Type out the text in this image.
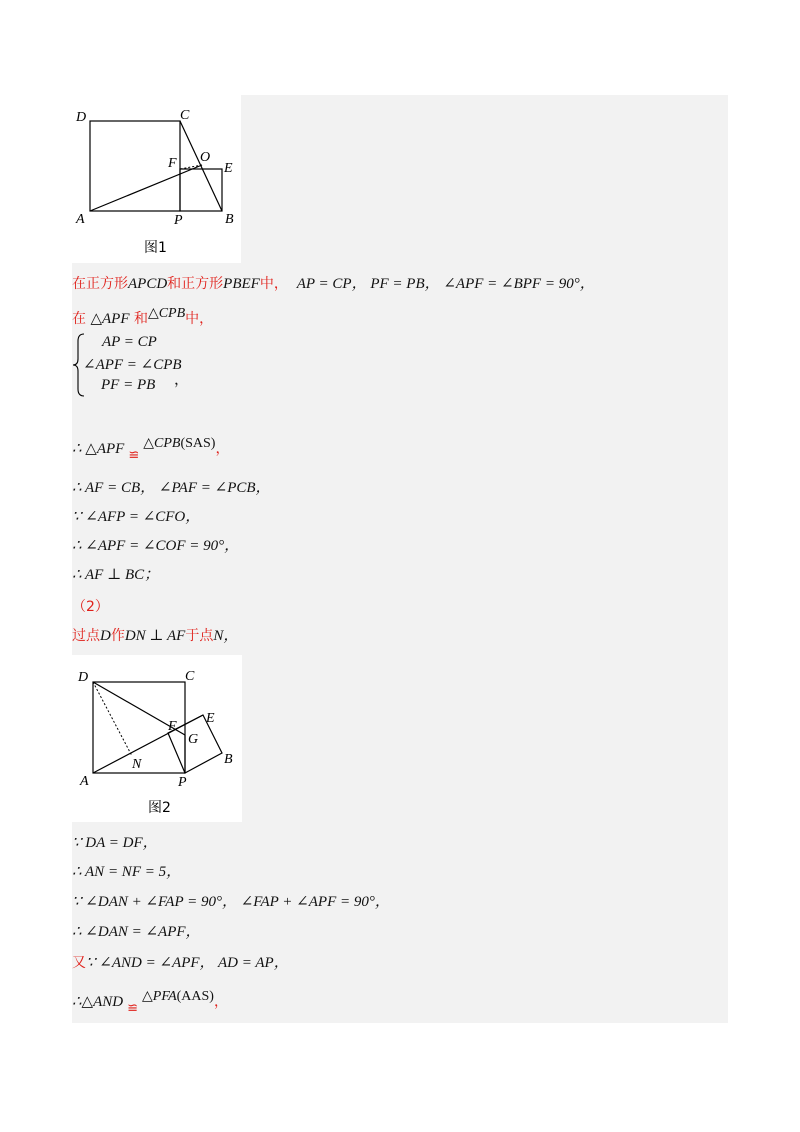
D	C
F O
E
A	P	B
图1
在正方形APCD和正方形PBEF中， AP = CP， PF = PB， ∠APF = ∠BPF = 90°，
在 △APF 和△CPB中，
AP = CP
∠APF = ∠CPB
PF = PB ，
∴ △APF ≌△CPB(SAS)，
∴ AF = CB， ∠PAF = ∠PCB，
∵ ∠AFP = ∠CFO，
∴ ∠APF = ∠COF = 90°，
∴ AF ⊥ BC；
（2）
过点D作DN ⊥ AF于点N，
D	C
F
E
G
N
A	P
B
图2
∵ DA = DF，
∴ AN = NF = 5，
∵ ∠DAN + ∠FAP = 90°， ∠FAP + ∠APF = 90°，
∴ ∠DAN = ∠APF，
又∵ ∠AND = ∠APF， AD = AP，
∴△AND ≌△PFA(AAS)，
